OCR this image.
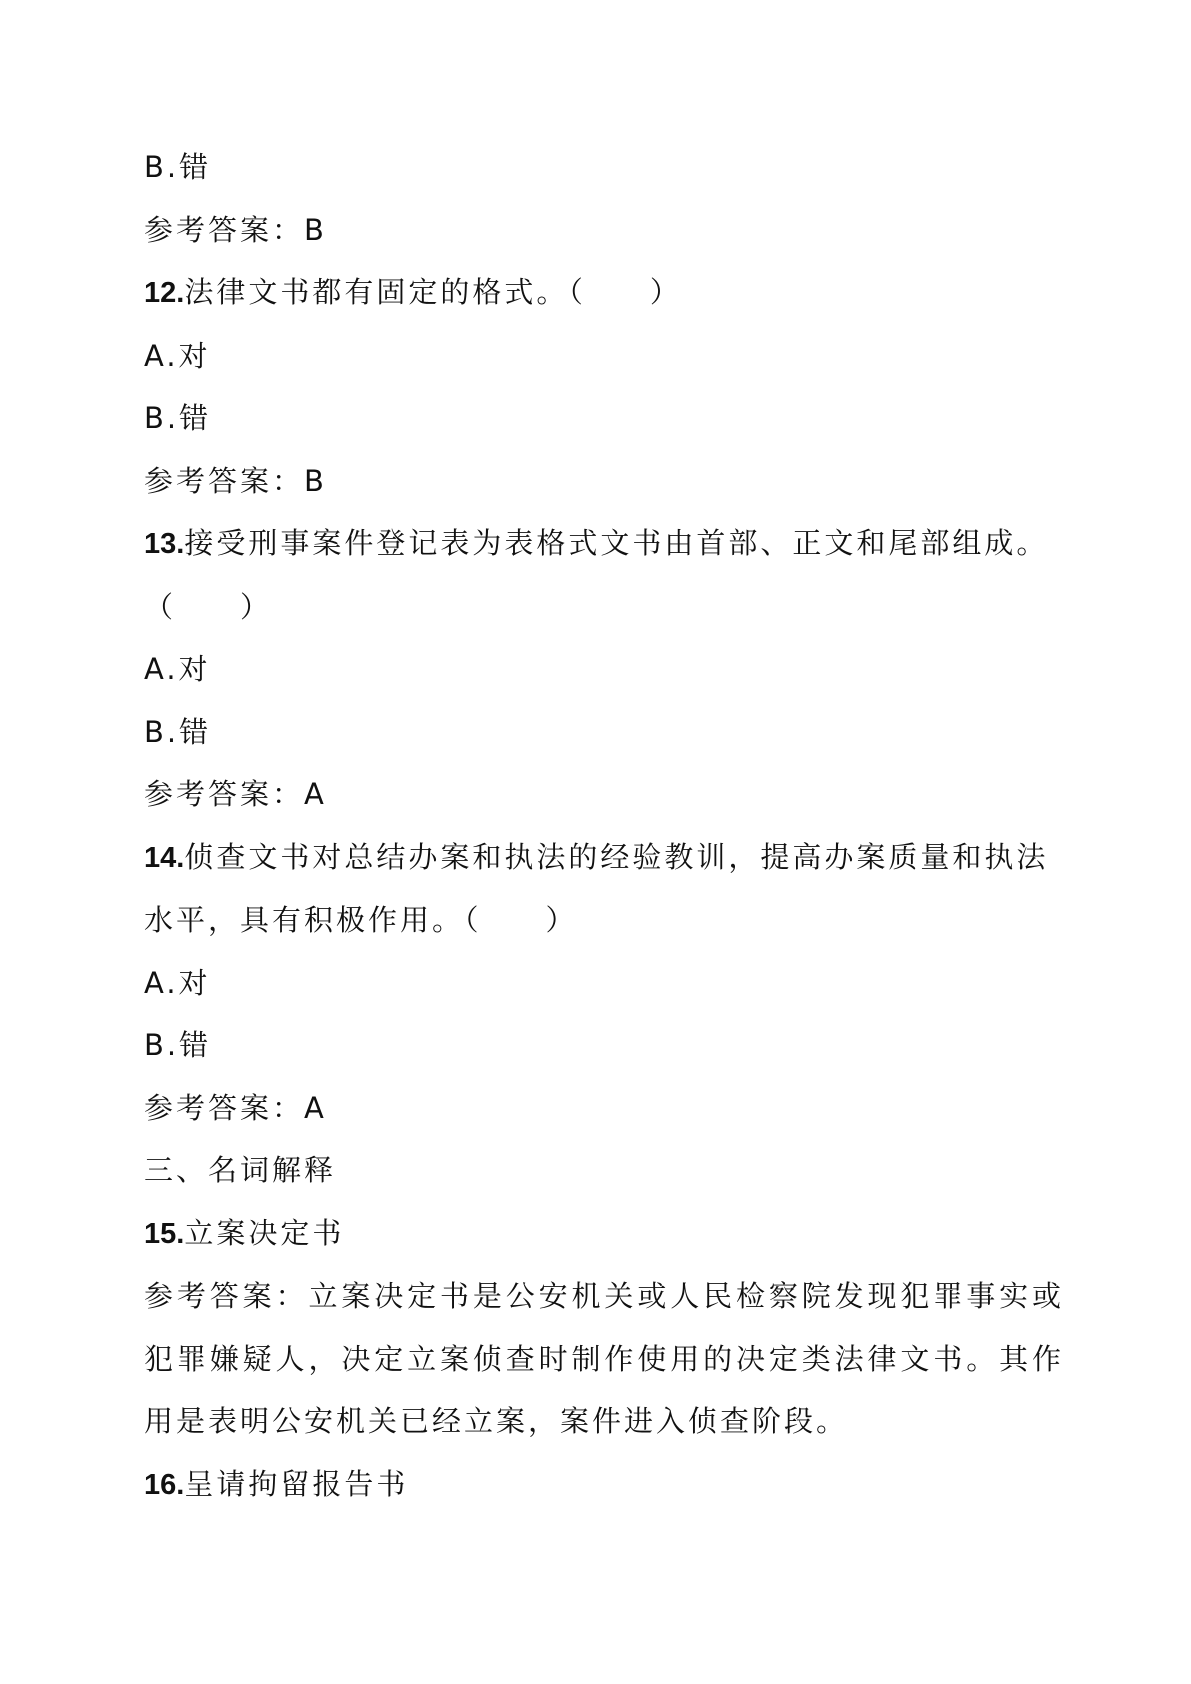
B.错

参考答案：B

12.法律文书都有固定的格式。（　　）

A.对

B.错

参考答案：B

13.接受刑事案件登记表为表格式文书由首部、正文和尾部组成。

（　　）

A.对

B.错

参考答案：A

14.侦查文书对总结办案和执法的经验教训，提高办案质量和执法

水平，具有积极作用。（　　）

A.对

B.错

参考答案：A

三、名词解释

15.立案决定书

参考答案：立案决定书是公安机关或人民检察院发现犯罪事实或犯罪嫌疑人，决定立案侦查时制作使用的决定类法律文书。其作用是表明公安机关已经立案，案件进入侦查阶段。

16.呈请拘留报告书
